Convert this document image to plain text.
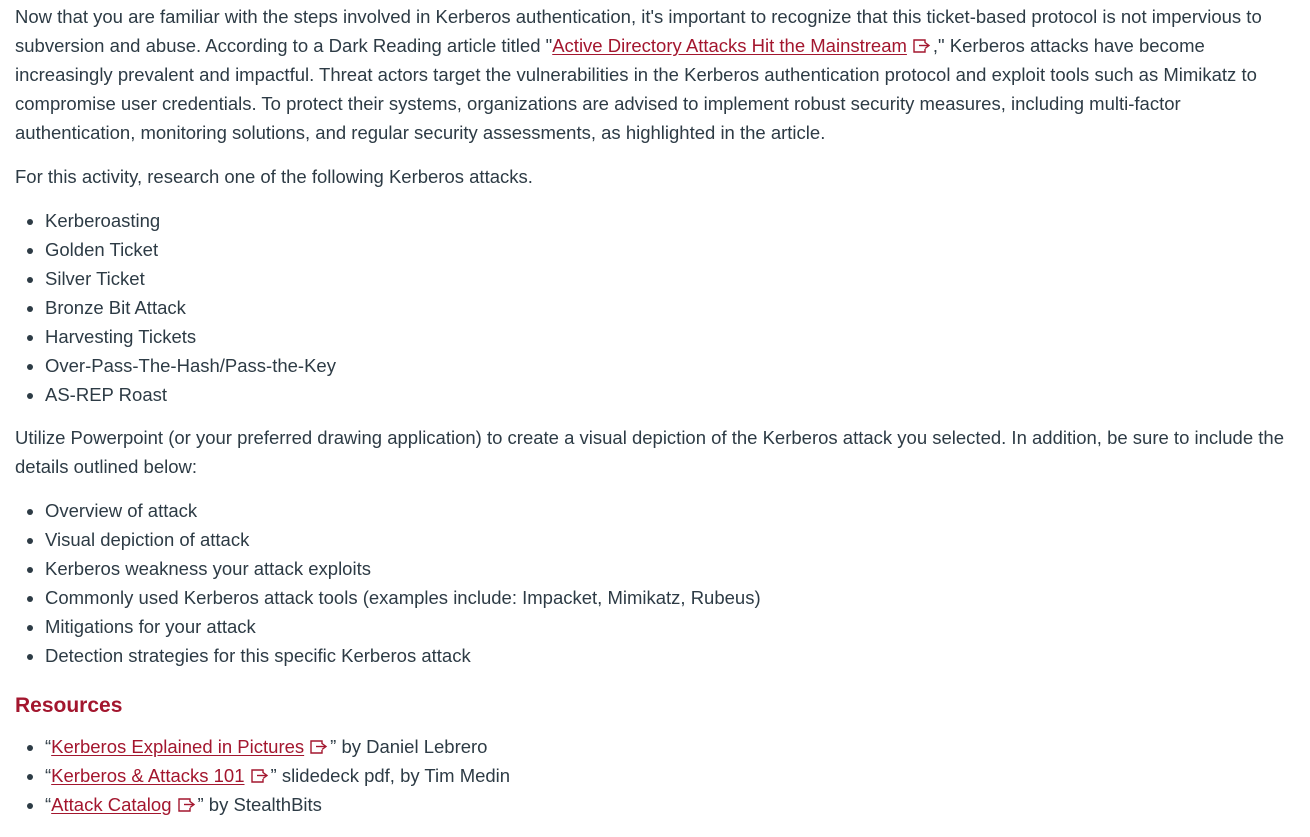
Now that you are familiar with the steps involved in Kerberos authentication, it's important to recognize that this ticket-based protocol is not impervious to subversion and abuse. According to a Dark Reading article titled "Active Directory Attacks Hit the Mainstream ," Kerberos attacks have become increasingly prevalent and impactful. Threat actors target the vulnerabilities in the Kerberos authentication protocol and exploit tools such as Mimikatz to compromise user credentials. To protect their systems, organizations are advised to implement robust security measures, including multi-factor authentication, monitoring solutions, and regular security assessments, as highlighted in the article.

For this activity, research one of the following Kerberos attacks.

• Kerberoasting
• Golden Ticket
• Silver Ticket
• Bronze Bit Attack
• Harvesting Tickets
• Over-Pass-The-Hash/Pass-the-Key
• AS-REP Roast

Utilize Powerpoint (or your preferred drawing application) to create a visual depiction of the Kerberos attack you selected. In addition, be sure to include the details outlined below:

• Overview of attack
• Visual depiction of attack
• Kerberos weakness your attack exploits
• Commonly used Kerberos attack tools (examples include: Impacket, Mimikatz, Rubeus)
• Mitigations for your attack
• Detection strategies for this specific Kerberos attack
Resources
• “Kerberos Explained in Pictures ” by Daniel Lebrero
• “Kerberos & Attacks 101 ” slidedeck pdf, by Tim Medin
• “Attack Catalog ” by StealthBits
